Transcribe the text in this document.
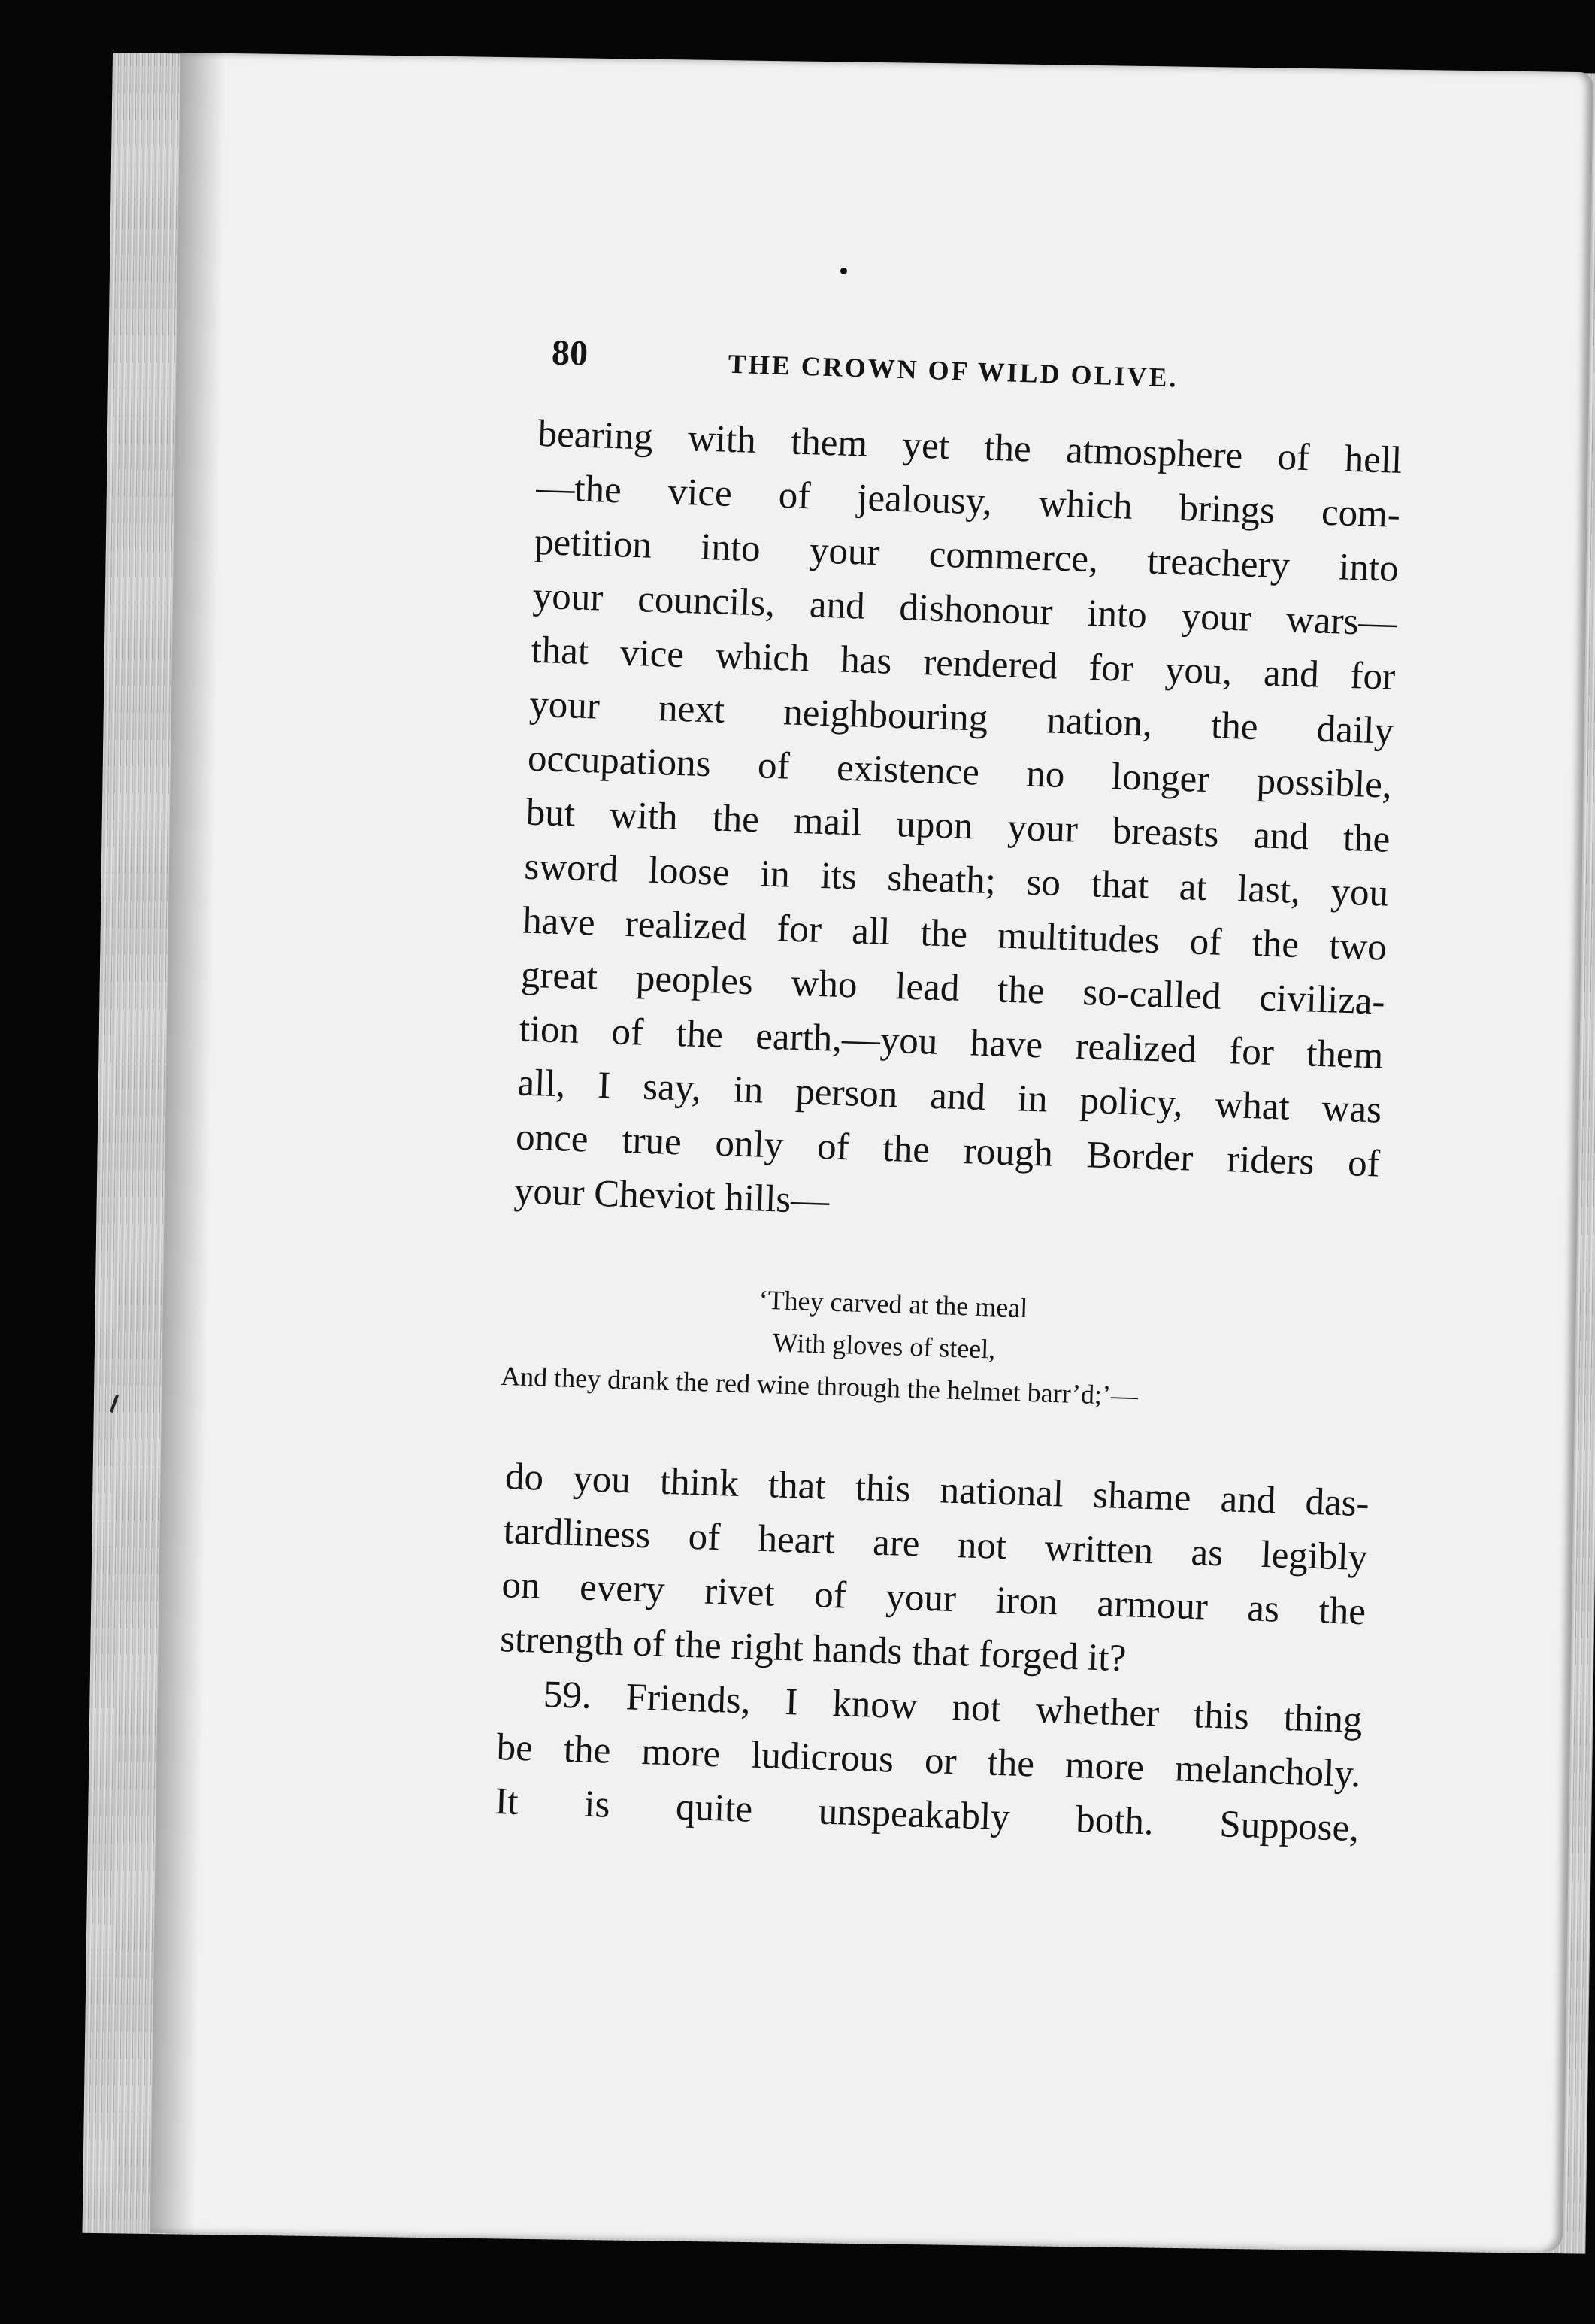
80	THE CROWN OF WILD OLIVE.
bearing with them yet the atmosphere of hell
—the vice of jealousy, which brings com-
petition into your commerce, treachery into
your councils, and dishonour into your wars—
that vice which has rendered for you, and for
your next neighbouring nation, the daily
occupations of existence no longer possible,
but with the mail upon your breasts and the
sword loose in its sheath; so that at last, you
have realized for all the multitudes of the two
great peoples who lead the so-called civiliza-
tion of the earth,—you have realized for them
all, I say, in person and in policy, what was
once true only of the rough Border riders of
your Cheviot hills—
‘They carved at the meal
With gloves of steel,
And they drank the red wine through the helmet barr’d;’—
do you think that this national shame and das-
tardliness of heart are not written as legibly
on every rivet of your iron armour as the
strength of the right hands that forged it?
59. Friends, I know not whether this thing
be the more ludicrous or the more melancholy.
It is quite unspeakably both. Suppose,
